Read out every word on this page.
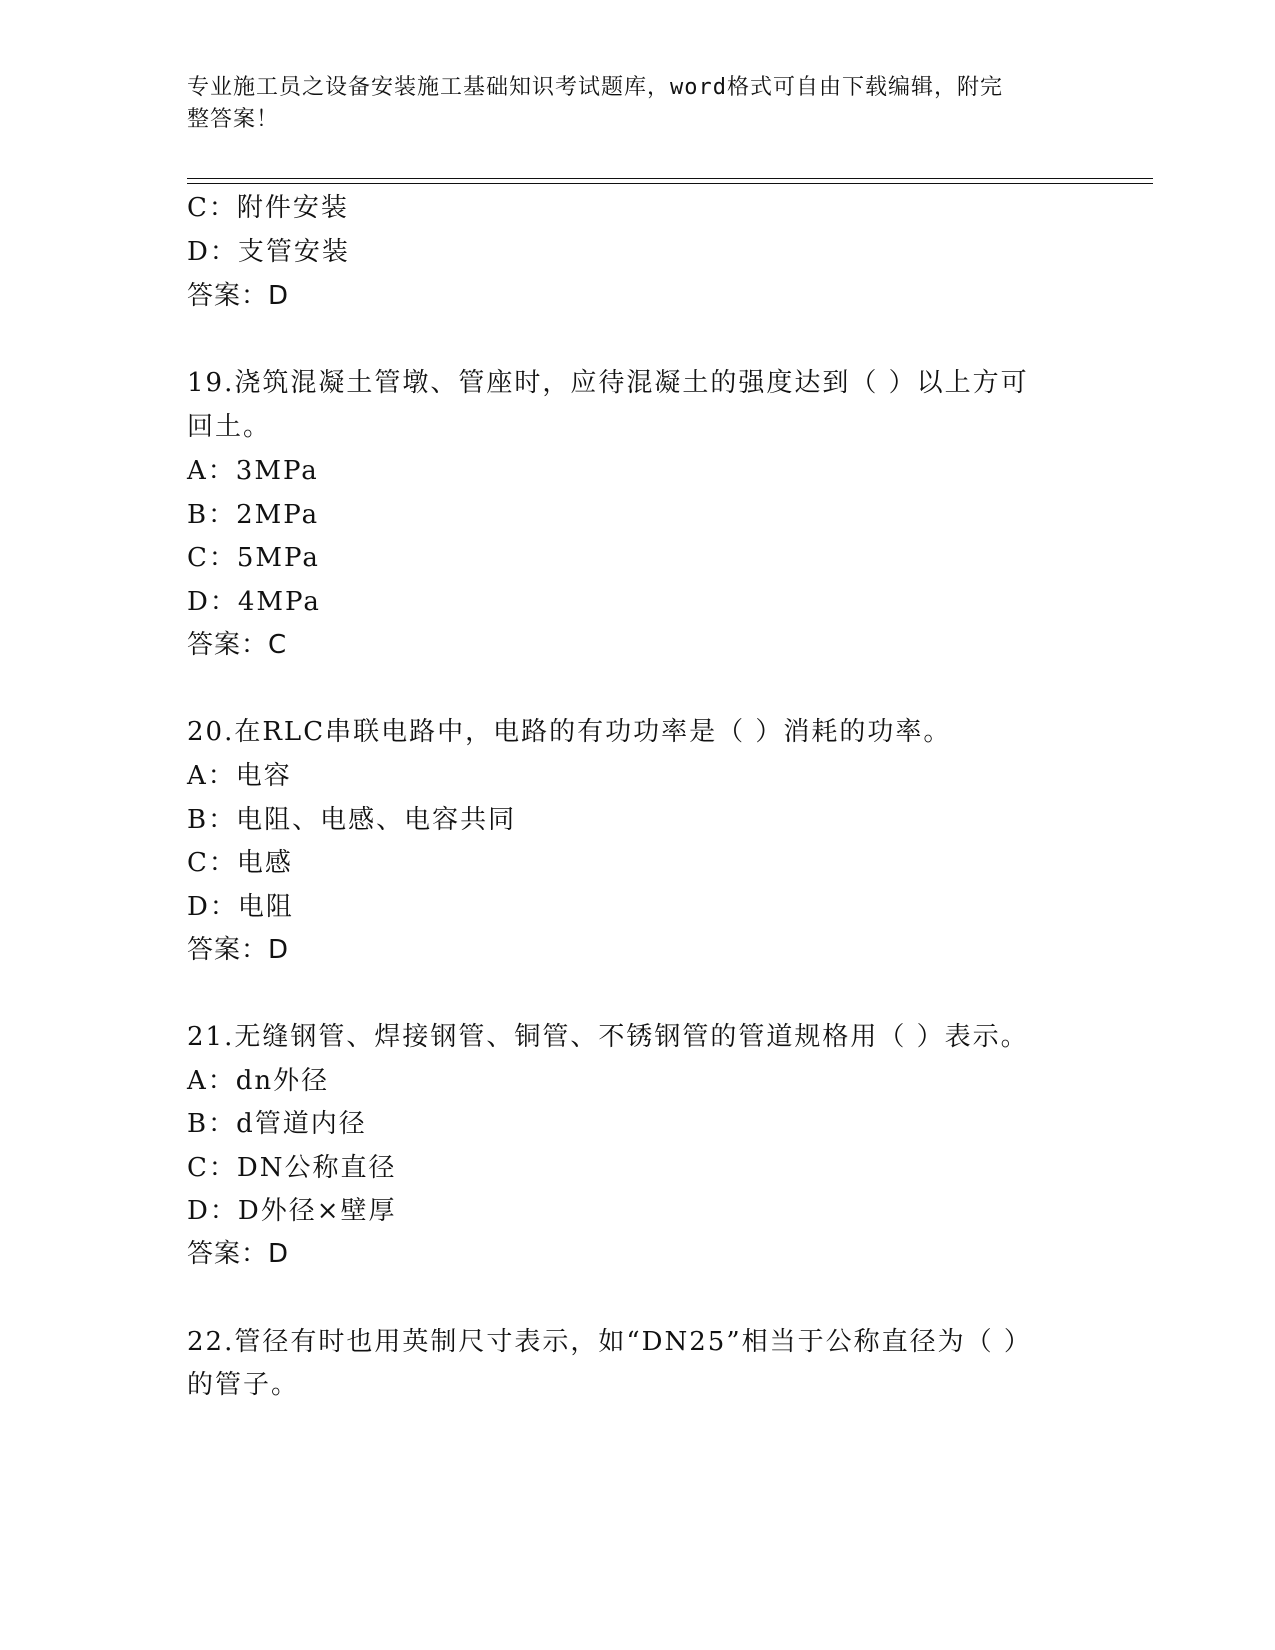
专业施工员之设备安装施工基础知识考试题库，word格式可自由下载编辑，附完
整答案！
C：附件安装
D：支管安装
答案：D
19.浇筑混凝土管墩、管座时，应待混凝土的强度达到（ ）以上方可
回土。
A：3MPa
B：2MPa
C：5MPa
D：4MPa
答案：C
20.在RLC串联电路中，电路的有功功率是（ ）消耗的功率。
A：电容
B：电阻、电感、电容共同
C：电感
D：电阻
答案：D
21.无缝钢管、焊接钢管、铜管、不锈钢管的管道规格用（ ）表示。
A：dn外径
B：d管道内径
C：DN公称直径
D：D外径×壁厚
答案：D
22.管径有时也用英制尺寸表示，如“DN25”相当于公称直径为（ ）
的管子。
